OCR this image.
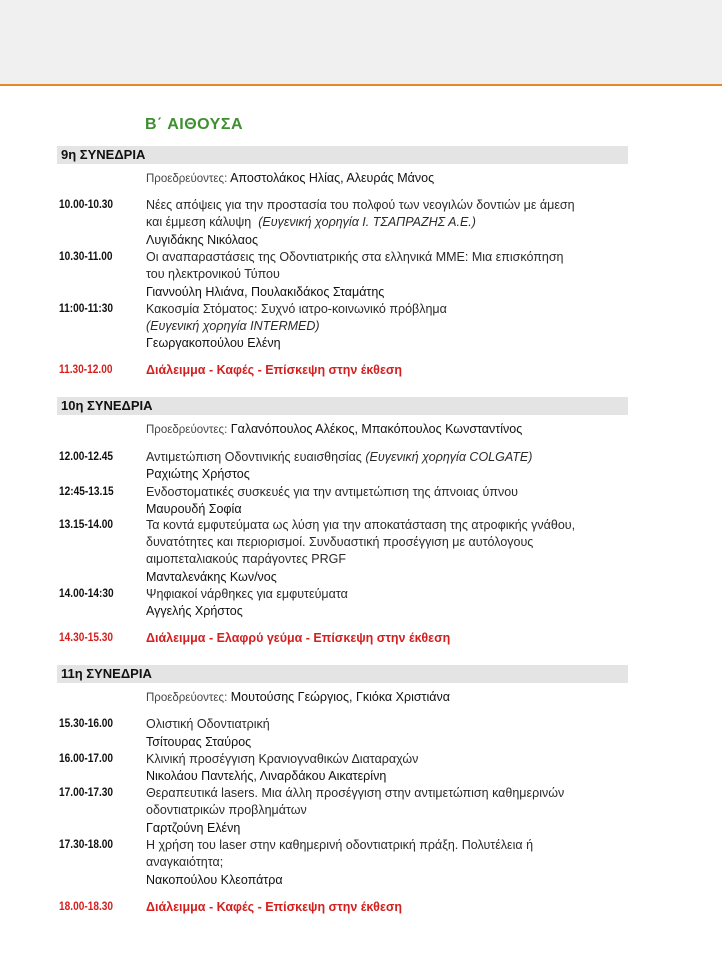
Β΄ ΑΙΘΟΥΣΑ
9η ΣΥΝΕΔΡΙΑ
Προεδρεύοντες: Αποστολάκος Ηλίας, Αλευράς Μάνος
10.00-10.30	Νέες απόψεις για την προστασία του πολφού των νεογιλών δοντιών με άμεση
και έμμεση κάλυψη (Ευγενική χορηγία Ι. ΤΣΑΠΡΑΖΗΣ Α.Ε.)
Λυγιδάκης Νικόλαος
10.30-11.00	Οι αναπαραστάσεις της Οδοντιατρικής στα ελληνικά ΜΜΕ: Μια επισκόπηση
του ηλεκτρονικού Τύπου
Γιαννούλη Ηλιάνα, Πουλακιδάκος Σταμάτης
11:00-11:30	Κακοσμία Στόματος: Συχνό ιατρο-κοινωνικό πρόβλημα
(Ευγενική χορηγία INTERMED)
Γεωργακοπούλου Ελένη
11.30-12.00	Διάλειμμα - Καφές - Επίσκεψη στην έκθεση
10η ΣΥΝΕΔΡΙΑ
Προεδρεύοντες: Γαλανόπουλος Αλέκος, Μπακόπουλος Κωνσταντίνος
12.00-12.45	Αντιμετώπιση Οδοντινικής ευαισθησίας (Ευγενική χορηγία COLGATE)
Ραχιώτης Χρήστος
12:45-13.15	Ενδοστοματικές συσκευές για την αντιμετώπιση της άπνοιας ύπνου
Μαυρουδή Σοφία
13.15-14.00	Τα κοντά εμφυτεύματα ως λύση για την αποκατάσταση της ατροφικής γνάθου,
δυνατότητες και περιορισμοί. Συνδυαστική προσέγγιση με αυτόλογους
αιμοπεταλιακούς παράγοντες PRGF
Μανταλενάκης Κων/νος
14.00-14:30	Ψηφιακοί νάρθηκες για εμφυτεύματα
Αγγελής Χρήστος
14.30-15.30	Διάλειμμα - Ελαφρύ γεύμα - Επίσκεψη στην έκθεση
11η ΣΥΝΕΔΡΙΑ
Προεδρεύοντες: Μουτούσης Γεώργιος, Γκιόκα Χριστιάνα
15.30-16.00	Ολιστική Οδοντιατρική
Τσίτουρας Σταύρος
16.00-17.00	Κλινική προσέγγιση Κρανιογναθικών Διαταραχών
Νικολάου Παντελής, Λιναρδάκου Αικατερίνη
17.00-17.30	Θεραπευτικά lasers. Μια άλλη προσέγγιση στην αντιμετώπιση καθημερινών
οδοντιατρικών προβλημάτων
Γαρτζούνη Ελένη
17.30-18.00	Η χρήση του laser στην καθημερινή οδοντιατρική πράξη. Πολυτέλεια ή
αναγκαιότητα;
Νακοπούλου Κλεοπάτρα
18.00-18.30	Διάλειμμα - Καφές - Επίσκεψη στην έκθεση
